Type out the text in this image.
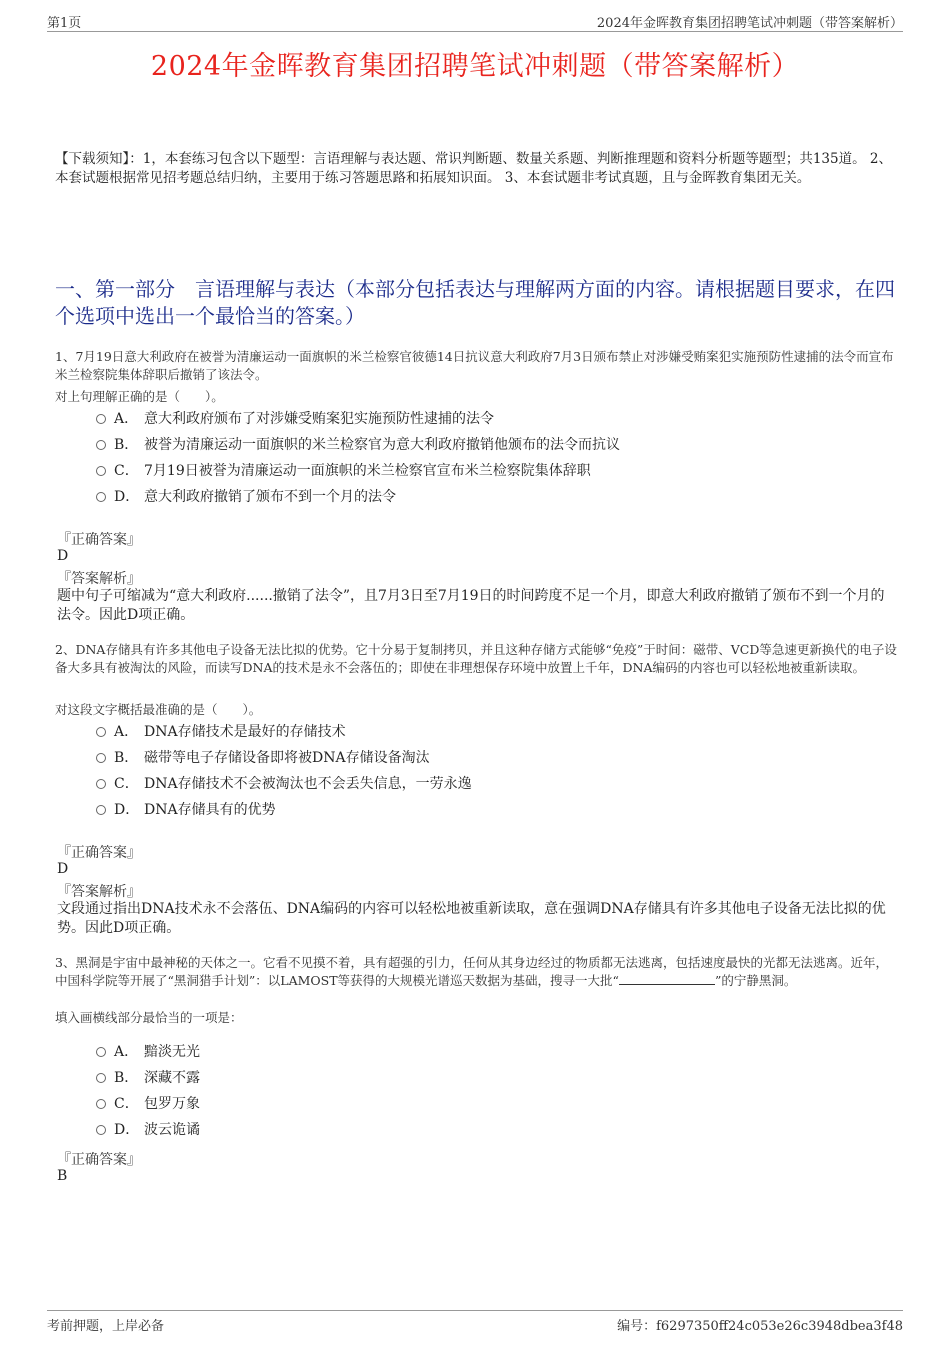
第1页	2024年金晖教育集团招聘笔试冲刺题（带答案解析）
2024年金晖教育集团招聘笔试冲刺题（带答案解析）
【下载须知】：1，本套练习包含以下题型：言语理解与表达题、常识判断题、数量关系题、判断推理题和资料分析题等题型；共135道。 2、本套试题根据常见招考题总结归纳，主要用于练习答题思路和拓展知识面。 3、本套试题非考试真题，且与金晖教育集团无关。
一、第一部分　言语理解与表达（本部分包括表达与理解两方面的内容。请根据题目要求，在四个选项中选出一个最恰当的答案。）
1、7月19日意大利政府在被誉为清廉运动一面旗帜的米兰检察官彼德14日抗议意大利政府7月3日颁布禁止对涉嫌受贿案犯实施预防性逮捕的法令而宣布米兰检察院集体辞职后撤销了该法令。
对上句理解正确的是（　　）。
A． 意大利政府颁布了对涉嫌受贿案犯实施预防性逮捕的法令
B． 被誉为清廉运动一面旗帜的米兰检察官为意大利政府撤销他颁布的法令而抗议
C． 7月19日被誉为清廉运动一面旗帜的米兰检察官宣布米兰检察院集体辞职
D． 意大利政府撤销了颁布不到一个月的法令
『正确答案』
D
『答案解析』
题中句子可缩减为“意大利政府......撤销了法令”，且7月3日至7月19日的时间跨度不足一个月，即意大利政府撤销了颁布不到一个月的法令。因此D项正确。
2、DNA存储具有许多其他电子设备无法比拟的优势。它十分易于复制拷贝，并且这种存储方式能够“免疫”于时间：磁带、VCD等急速更新换代的电子设备大多具有被淘汰的风险，而读写DNA的技术是永不会落伍的；即使在非理想保存环境中放置上千年，DNA编码的内容也可以轻松地被重新读取。
对这段文字概括最准确的是（　　）。
A． DNA存储技术是最好的存储技术
B． 磁带等电子存储设备即将被DNA存储设备淘汰
C． DNA存储技术不会被淘汰也不会丢失信息，一劳永逸
D． DNA存储具有的优势
『正确答案』
D
『答案解析』
文段通过指出DNA技术永不会落伍、DNA编码的内容可以轻松地被重新读取，意在强调DNA存储具有许多其他电子设备无法比拟的优势。因此D项正确。
3、黑洞是宇宙中最神秘的天体之一。它看不见摸不着，具有超强的引力，任何从其身边经过的物质都无法逃离，包括速度最快的光都无法逃离。近年，中国科学院等开展了“黑洞猎手计划”：以LAMOST等获得的大规模光谱巡天数据为基础，搜寻一大批“	”的宁静黑洞。
填入画横线部分最恰当的一项是：
A． 黯淡无光
B． 深藏不露
C． 包罗万象
D． 波云诡谲
『正确答案』
B
考前押题，上岸必备	编号：f6297350ff24c053e26c3948dbea3f48
